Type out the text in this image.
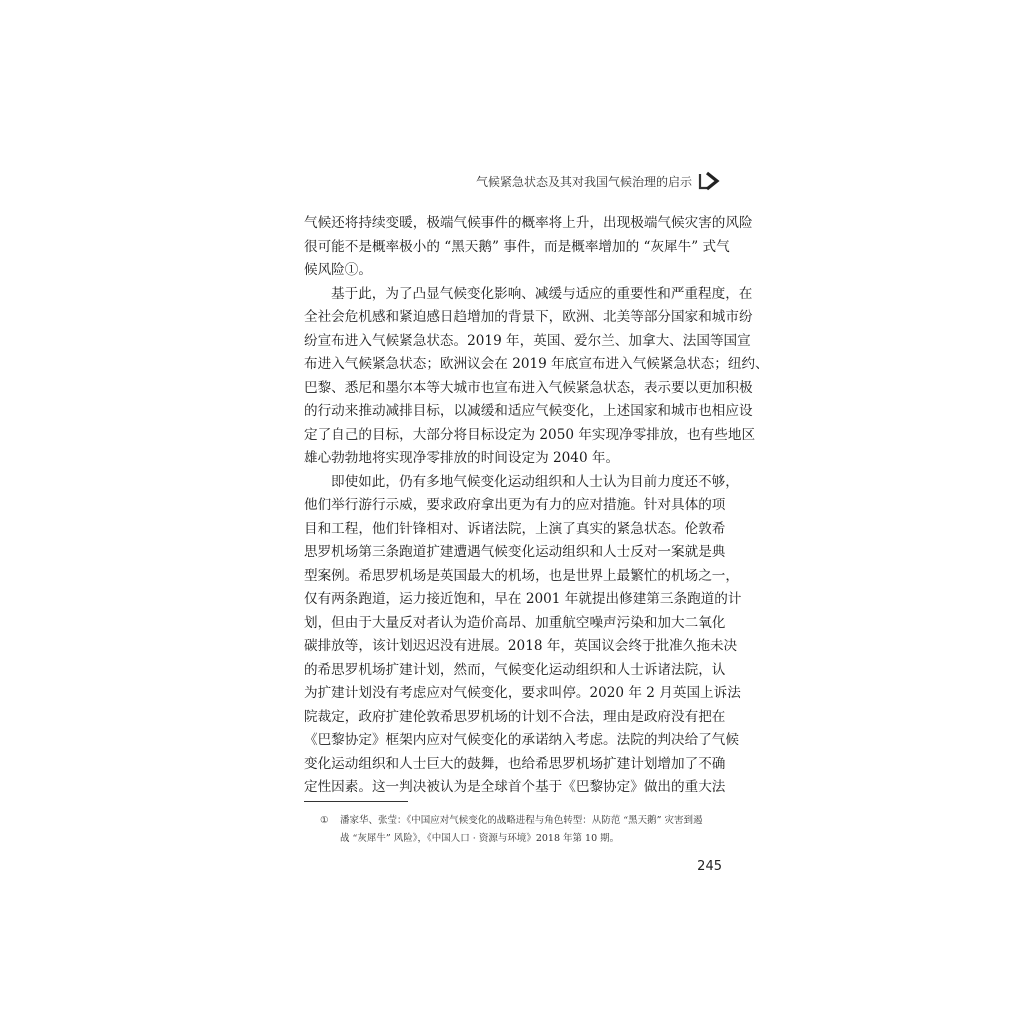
气候紧急状态及其对我国气候治理的启示
气候还将持续变暖，极端气候事件的概率将上升，出现极端气候灾害的风险
很可能不是概率极小的 “黑天鹅” 事件，而是概率增加的 “灰犀牛” 式气
候风险①。
基于此，为了凸显气候变化影响、减缓与适应的重要性和严重程度，在
全社会危机感和紧迫感日趋增加的背景下，欧洲、北美等部分国家和城市纷
纷宣布进入气候紧急状态。2019 年，英国、爱尔兰、加拿大、法国等国宣
布进入气候紧急状态；欧洲议会在 2019 年底宣布进入气候紧急状态；纽约、
巴黎、悉尼和墨尔本等大城市也宣布进入气候紧急状态，表示要以更加积极
的行动来推动减排目标，以减缓和适应气候变化，上述国家和城市也相应设
定了自己的目标，大部分将目标设定为 2050 年实现净零排放，也有些地区
雄心勃勃地将实现净零排放的时间设定为 2040 年。
即使如此，仍有多地气候变化运动组织和人士认为目前力度还不够，
他们举行游行示威，要求政府拿出更为有力的应对措施。针对具体的项
目和工程，他们针锋相对、诉诸法院，上演了真实的紧急状态。伦敦希
思罗机场第三条跑道扩建遭遇气候变化运动组织和人士反对一案就是典
型案例。希思罗机场是英国最大的机场，也是世界上最繁忙的机场之一，
仅有两条跑道，运力接近饱和，早在 2001 年就提出修建第三条跑道的计
划，但由于大量反对者认为造价高昂、加重航空噪声污染和加大二氧化
碳排放等，该计划迟迟没有进展。2018 年，英国议会终于批准久拖未决
的希思罗机场扩建计划，然而，气候变化运动组织和人士诉诸法院，认
为扩建计划没有考虑应对气候变化，要求叫停。2020 年 2 月英国上诉法
院裁定，政府扩建伦敦希思罗机场的计划不合法，理由是政府没有把在
《巴黎协定》框架内应对气候变化的承诺纳入考虑。法院的判决给了气候
变化运动组织和人士巨大的鼓舞，也给希思罗机场扩建计划增加了不确
定性因素。这一判决被认为是全球首个基于《巴黎协定》做出的重大法
①	潘家华、张莹：《中国应对气候变化的战略进程与角色转型：从防范 “黑天鹅” 灾害到遏
战 “灰犀牛” 风险》，《中国人口 · 资源与环境》2018 年第 10 期。
245
